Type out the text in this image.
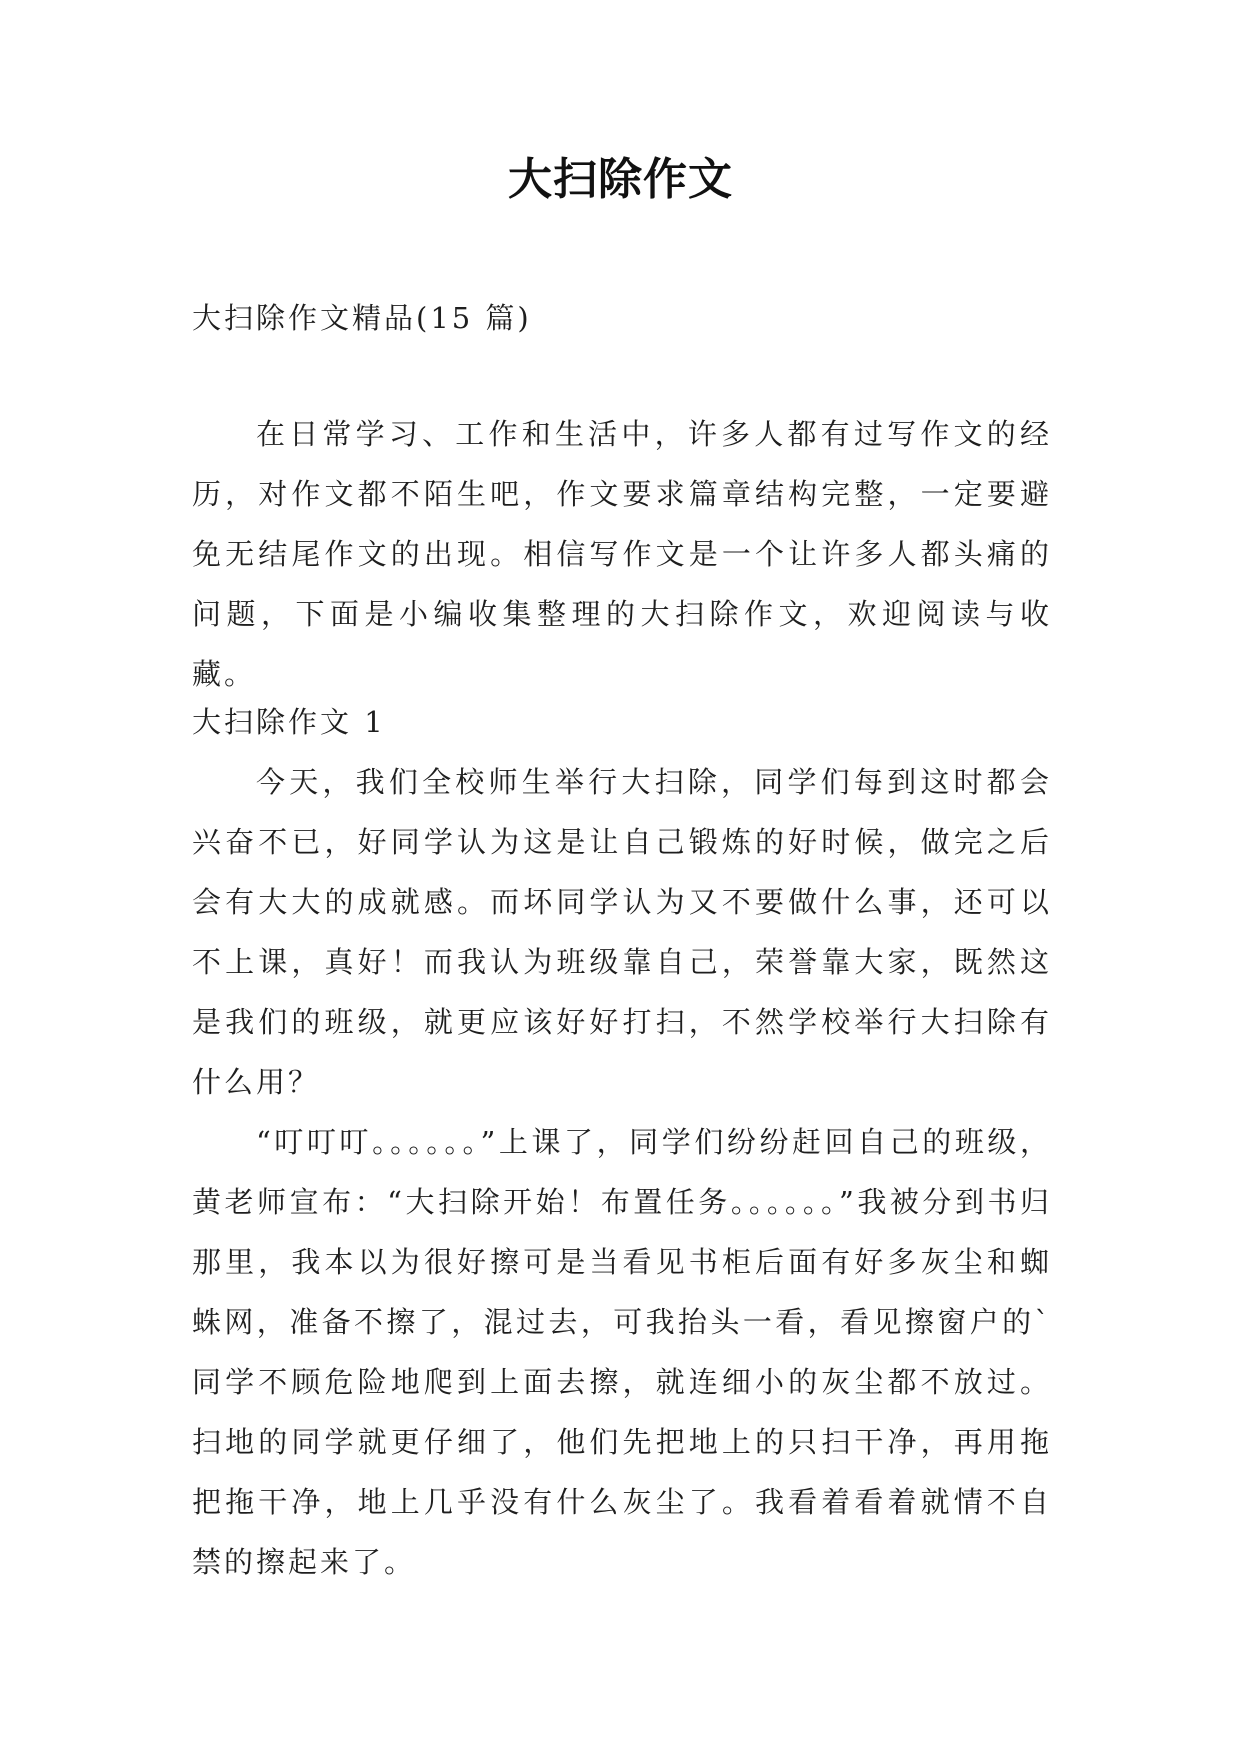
大扫除作文
大扫除作文精品(15 篇)

在日常学习、工作和生活中，许多人都有过写作文的经历，对作文都不陌生吧，作文要求篇章结构完整，一定要避免无结尾作文的出现。相信写作文是一个让许多人都头痛的问题，下面是小编收集整理的大扫除作文，欢迎阅读与收藏。

大扫除作文 1

今天，我们全校师生举行大扫除，同学们每到这时都会兴奋不已，好同学认为这是让自己锻炼的好时候，做完之后会有大大的成就感。而坏同学认为又不要做什么事，还可以不上课，真好！而我认为班级靠自己，荣誉靠大家，既然这是我们的班级，就更应该好好打扫，不然学校举行大扫除有什么用？

“叮叮叮。。。。。。”上课了，同学们纷纷赶回自己的班级，黄老师宣布：“大扫除开始！布置任务。。。。。。”我被分到书归那里，我本以为很好擦可是当看见书柜后面有好多灰尘和蜘蛛网，准备不擦了，混过去，可我抬头一看，看见擦窗户的`同学不顾危险地爬到上面去擦，就连细小的灰尘都不放过。扫地的同学就更仔细了，他们先把地上的只扫干净，再用拖把拖干净，地上几乎没有什么灰尘了。我看着看着就情不自禁的擦起来了。
